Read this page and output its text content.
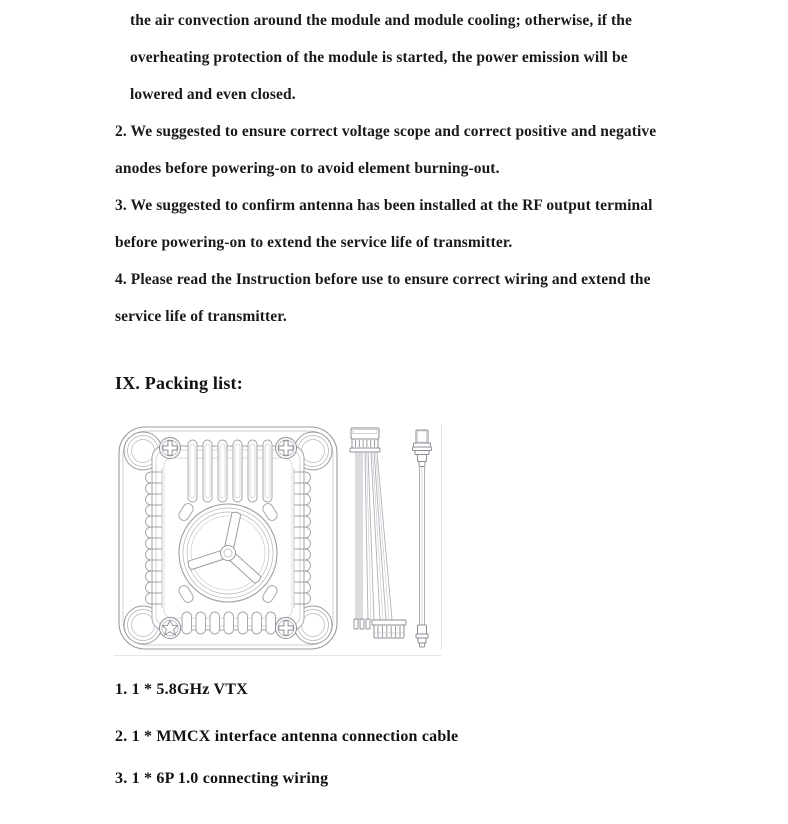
the air convection around the module and module cooling; otherwise, if the
overheating protection of the module is started, the power emission will be
lowered and even closed.
2. We suggested to ensure correct voltage scope and correct positive and negative
anodes before powering-on to avoid element burning-out.
3. We suggested to confirm antenna has been installed at the RF output terminal
before powering-on to extend the service life of transmitter.
4. Please read the Instruction before use to ensure correct wiring and extend the
service life of transmitter.
IX. Packing list:
1. 1 * 5.8GHz VTX
2. 1 * MMCX interface antenna connection cable
3. 1 * 6P 1.0 connecting wiring
